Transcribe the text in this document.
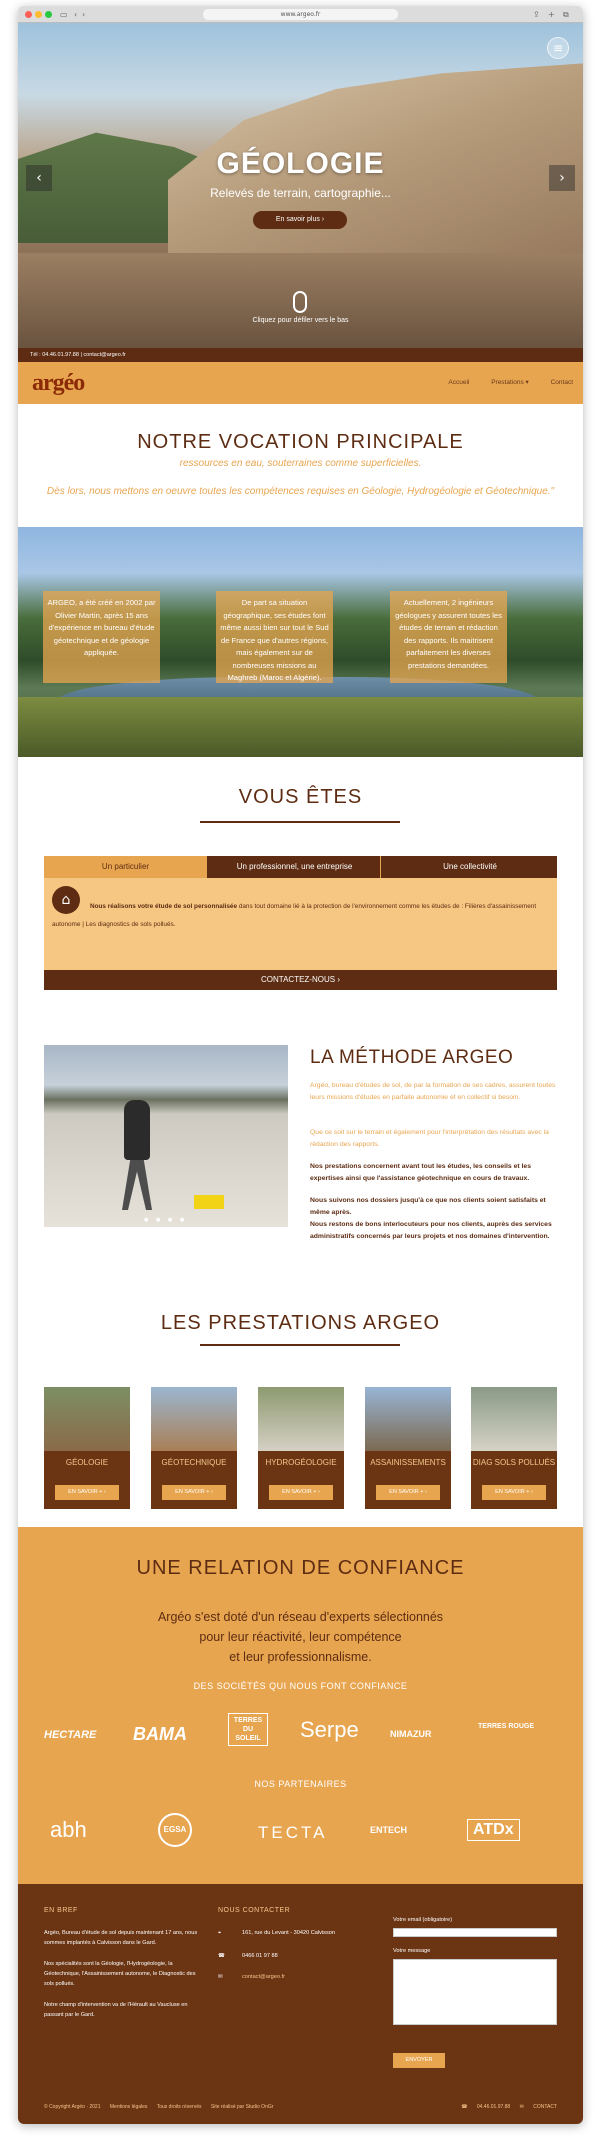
▭ ‹ ›	www.argeo.fr	⇪ + ⧉
≡
‹	›
GÉOLOGIE
Relevés de terrain, cartographie...
En savoir plus ›
Cliquez pour défiler vers le bas
Tél : 04.46.01.97.88 | contact@argeo.fr
argéo	Accueil	Prestations ▾	Contact
NOTRE VOCATION PRINCIPALE
ressources en eau, souterraines comme superficielles.
Dès lors, nous mettons en oeuvre toutes les compétences requises en Géologie, Hydrogéologie et Géotechnique."
ARGEO, a été créé en 2002 par Olivier Martin, après 15 ans d'expérience en bureau d'étude géotechnique et de géologie appliquée.
De part sa situation géographique, ses études font même aussi bien sur tout le Sud de France que d'autres régions, mais également sur de nombreuses missions au Maghreb (Maroc et Algérie).
Actuellement, 2 ingénieurs géologues y assurent toutes les études de terrain et rédaction des rapports. Ils maitrisent parfaitement les diverses prestations demandées.
VOUS ÊTES
Un particulier	Un professionnel, une entreprise	Une collectivité
⌂	Nous réalisons votre étude de sol personnalisée dans tout domaine lié à la protection de l'environnement comme les études de : Filières d'assainissement autonome | Les diagnostics de sols pollués.
CONTACTEZ-NOUS ›
● ● ● ●
LA MÉTHODE ARGEO
Argéo, bureau d'études de sol, de par la formation de ses cadres, assurent toutes leurs missions d'études en parfaite autonomie et en collectif si besoin.
Que ce soit sur le terrain et également pour l'interprétation des résultats avec la rédaction des rapports.
Nos prestations concernent avant tout les études, les conseils et les expertises ainsi que l'assistance géotechnique en cours de travaux.
Nous suivons nos dossiers jusqu'à ce que nos clients soient satisfaits et même après.
Nous restons de bons interlocuteurs pour nos clients, auprès des services administratifs concernés par leurs projets et nos domaines d'intervention.
LES PRESTATIONS ARGEO
GÉOLOGIE
EN SAVOIR + ›
GÉOTECHNIQUE
EN SAVOIR + ›
HYDROGÉOLOGIE
EN SAVOIR + ›
ASSAINISSEMENTS
EN SAVOIR + ›
DIAG SOLS POLLUÉS
EN SAVOIR + ›
UNE RELATION DE CONFIANCE
Argéo s'est doté d'un réseau d'experts sélectionnés
pour leur réactivité, leur compétence
et leur professionnalisme.
DES SOCIÉTÉS QUI NOUS FONT CONFIANCE
HECTARE BAMA
TERRES DU SOLEIL	Serpe	NIMAZUR
TERRES ROUGE
NOS PARTENAIRES
abh	EGSA	TECTA	ENTECH	ATDx
EN BREF
Argéo, Bureau d'étude de sol depuis maintenant 17 ans, nous sommes implantés à Calvisson dans le Gard.
Nos spécialités sont la Géologie, l'Hydrogéologie, la Géotechnique, l'Assainissement autonome, le Diagnostic des sols pollués.
Notre champ d'intervention va de l'Hérault au Vaucluse en passant par le Gard.
NOUS CONTACTER
⌖	161, rue du Levant - 30420 Calvisson
☎	0466 01 97 88
✉	contact@argeo.fr
Votre email (obligatoire)
Votre message
ENVOYER
© Copyright Argéo · 2021 Mentions légales Tous droits réservés Site réalisé par Studio OnGr	☎ 04.46.01.97.88 ✉ CONTACT
